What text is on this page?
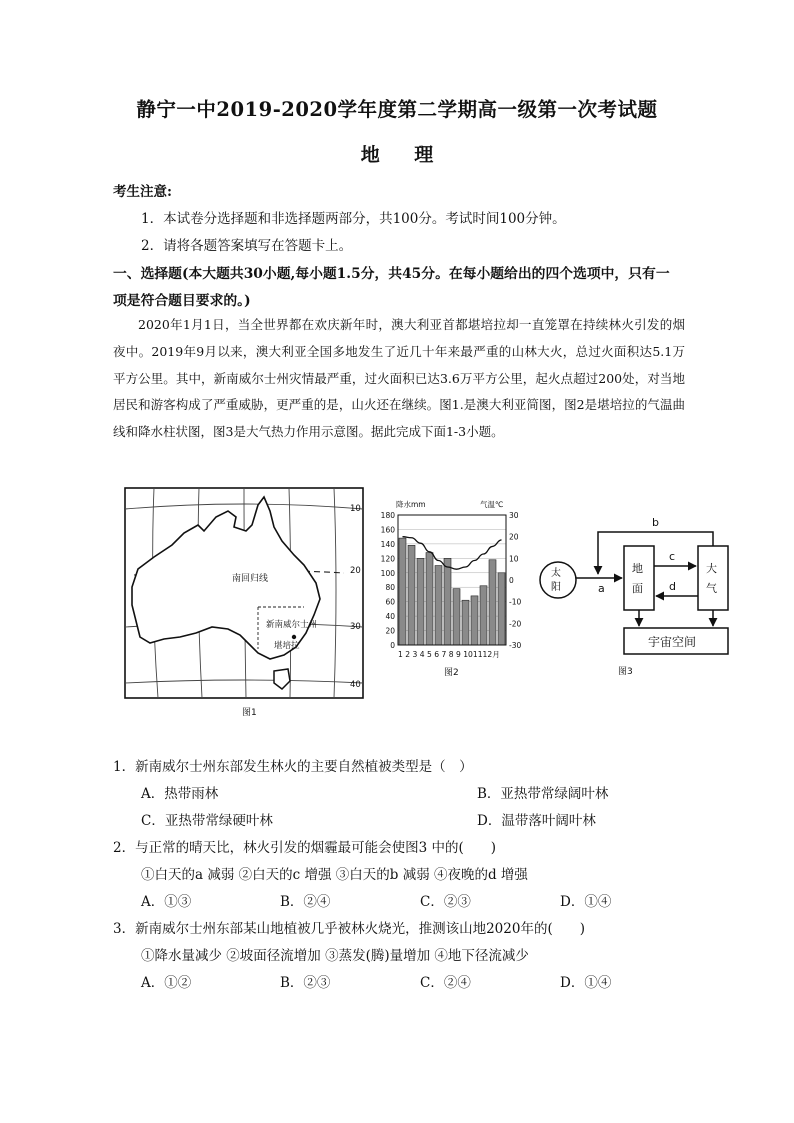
静宁一中2019-2020学年度第二学期高一级第一次考试题
地 理
考生注意:
1．本试卷分选择题和非选择题两部分，共100分。考试时间100分钟。
2．请将各题答案填写在答题卡上。
一、选择题(本大题共30小题,每小题1.5分，共45分。在每小题给出的四个选项中，只有一
项是符合题目要求的。)

2020年1月1日，当全世界都在欢庆新年时，澳大利亚首都堪培拉却一直笼罩在持续林火引发的烟夜中。2019年9月以来，澳大利亚全国多地发生了近几十年来最严重的山林大火，总过火面积达5.1万平方公里。其中，新南威尔士州灾情最严重，过火面积已达3.6万平方公里，起火点超过200处，对当地居民和游客构成了严重威胁，更严重的是，山火还在继续。图1.是澳大利亚简图，图2是堪培拉的气温曲线和降水柱状图，图3是大气热力作用示意图。据此完成下面1-3小题。

南回归线
新南威尔士州
堪培拉
10
20
30
40
图1
降水mm	气温℃
180
160
140
120
100
80
60
40
20
0
30
20
10
0
-10
-20
-30
1 2 3 4 5 6 7 8 9 101112月
图2
太
阳
地
面
大
气
宇宙空间
a
b
c
d
图3
1．新南威尔士州东部发生林火的主要自然植被类型是（　）
A．热带雨林	B．亚热带常绿阔叶林
C．亚热带常绿硬叶林	D．温带落叶阔叶林
2．与正常的晴天比，林火引发的烟霾最可能会使图3 中的(　　)
①白天的a 减弱 ②白天的c 增强 ③白天的b 减弱 ④夜晚的d 增强
A．①③	B．②④	C．②③	D．①④
3．新南威尔士州东部某山地植被几乎被林火烧光，推测该山地2020年的(　　)
①降水量减少 ②坡面径流增加 ③蒸发(腾)量增加 ④地下径流减少
A．①②	B．②③	C．②④	D．①④
